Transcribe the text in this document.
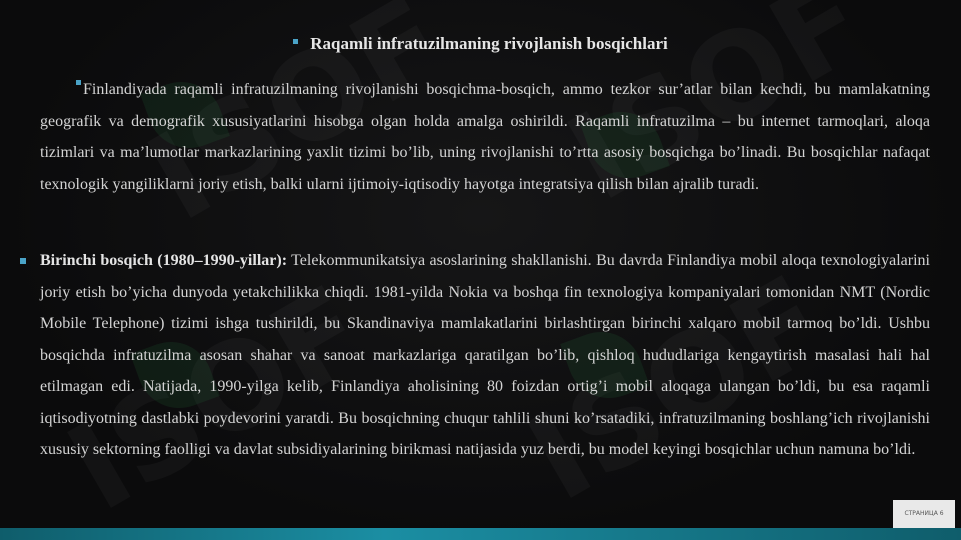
Raqamli infratuzilmaning rivojlanish bosqichlari
Finlandiyada raqamli infratuzilmaning rivojlanishi bosqichma-bosqich, ammo tezkor sur’atlar bilan kechdi, bu mamlakatning geografik va demografik xususiyatlarini hisobga olgan holda amalga oshirildi. Raqamli infratuzilma – bu internet tarmoqlari, aloqa tizimlari va ma’lumotlar markazlarining yaxlit tizimi bo’lib, uning rivojlanishi to’rtta asosiy bosqichga bo’linadi. Bu bosqichlar nafaqat texnologik yangiliklarni joriy etish, balki ularni ijtimoiy-iqtisodiy hayotga integratsiya qilish bilan ajralib turadi.
Birinchi bosqich (1980–1990-yillar): Telekommunikatsiya asoslarining shakllanishi. Bu davrda Finlandiya mobil aloqa texnologiyalarini joriy etish bo’yicha dunyoda yetakchilikka chiqdi. 1981-yilda Nokia va boshqa fin texnologiya kompaniyalari tomonidan NMT (Nordic Mobile Telephone) tizimi ishga tushirildi, bu Skandinaviya mamlakatlarini birlashtirgan birinchi xalqaro mobil tarmoq bo’ldi. Ushbu bosqichda infratuzilma asosan shahar va sanoat markazlariga qaratilgan bo’lib, qishloq hududlariga kengaytirish masalasi hali hal etilmagan edi. Natijada, 1990-yilga kelib, Finlandiya aholisining 80 foizdan ortig’i mobil aloqaga ulangan bo’ldi, bu esa raqamli iqtisodiyotning dastlabki poydevorini yaratdi. Bu bosqichning chuqur tahlili shuni ko’rsatadiki, infratuzilmaning boshlang’ich rivojlanishi xususiy sektorning faolligi va davlat subsidiyalarining birikmasi natijasida yuz berdi, bu model keyingi bosqichlar uchun namuna bo’ldi.
СТРАНИЦА 6
